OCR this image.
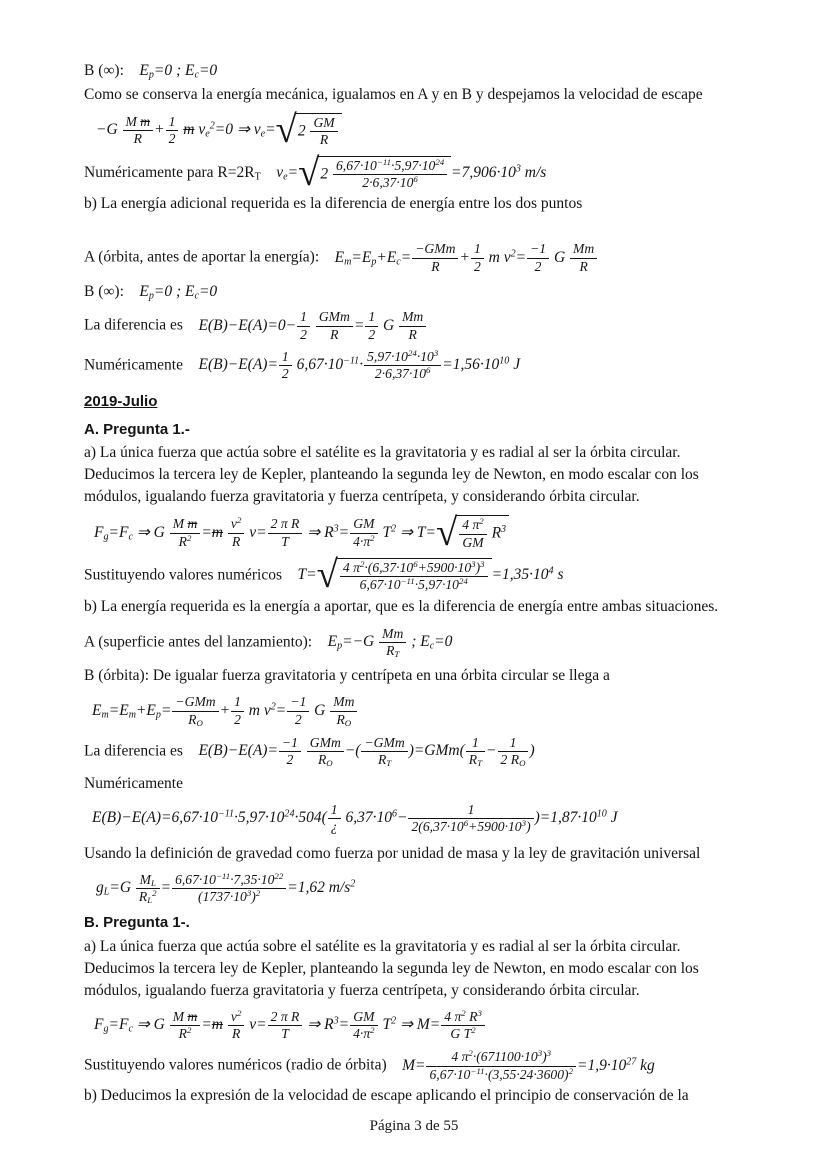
B (∞):    $E_p=0$ ; $E_c=0$
Como se conserva la energía mecánica, igualamos en A y en B y despejamos la velocidad de escape
$-G \frac{\text{M m}}{R} + \frac{1}{2}$ m $v_e^2=0$ ⇒ $v_e=$ √ $2 \frac{GM}{R}$
Numéricamente para $R=2R_T$ $v_e=$ √ $2 \frac{6,67\cdot 10^{-11}\cdot 5,97\cdot 10^{24}}{2\cdot 6,37\cdot 10^6} =7,906\cdot 10^3$ m/s
b) La energía adicional requerida es la diferencia de energía entre los dos puntos
A (órbita, antes de aportar la energía):    $E_m=E_p+E_c= -GMm$
R
+ $\frac{1}{2}$ m $v^2= \frac{-1}{2}$ G $\frac{Mm}{R}$
B (∞):    $E_p=0$ ; $E_c=0$
La diferencia es    $E(B)-E(A)=0- \frac{1}{2}$
GMm
R
= $\frac{1}{2}$ G $\frac{Mm}{R}$
Numéricamente    $E(B)-E(A)= \frac{1}{2} 6,67\cdot 10^{-11}\cdot \frac{5,97\cdot 10^{24}\cdot 10^3}{2\cdot 6,37\cdot 10^6} =1,56\cdot 10^{10}$ J
2019-Julio
A. Pregunta 1.-
a) La única fuerza que actúa sobre el satélite es la gravitatoria y es radial al ser la órbita circular. Deducimos la tercera ley de Kepler, planteando la segunda ley de Newton, en modo escalar con los módulos, igualando fuerza gravitatoria y fuerza centrípeta, y considerando órbita circular.
$F_g=F_c$ ⇒ G $\frac{\text{M m}}{R^2} =m \frac{v^2}{R} v= \frac{\text{2 π R}}{T}$ ⇒ $R^3= \frac{GM}{4\cdot\pi^2} T^2$ ⇒ T= √ $\frac{4 \pi^2}{GM} R^3$
Sustituyendo valores numéricos    T= √ $\frac{4 \pi^2\cdot(6,37\cdot 10^6+5900\cdot 10^3)^3}{6,67\cdot 10^{-11}\cdot 5,97\cdot 10^{24}} =1,35\cdot 10^4$ s
b) La energía requerida es la energía a aportar, que es la diferencia de energía entre ambas situaciones.
A (superficie antes del lanzamiento):    $E_p=-G \frac{Mm}{R_T}$ ; $E_c=0$
B (órbita): De igualar fuerza gravitatoria y centrípeta en una órbita circular se llega a
$E_m=E_m+E_p= -GMm$
$R_O$
+ $\frac{1}{2}$ m $v^2= \frac{-1}{2}$ G $\frac{Mm}{R_O}$
La diferencia es    $E(B)-E(A)= \frac{-1}{2}$
GMm
$R_O$
−( −GMm
$R_T$
)$=GMm( \frac{1}{R_T} - \frac{1}{2 R_O}$ )
Numéricamente
$E(B)-E(A)=6,67\cdot 10^{-11}\cdot 5,97\cdot 10^{24}\cdot 504$( 1
¿
$6,37\cdot 10^6- \frac{1}{2(6,37\cdot 10^6+5900\cdot 10^3)} )=1,87\cdot 10^{10}$ J
Usando la definición de gravedad como fuerza por unidad de masa y la ley de gravitación universal
$g_L=G \frac{M_L}{R_L^2} = \frac{6,67\cdot 10^{-11}\cdot 7,35\cdot 10^{22}}{(1737\cdot 10^3)^2} =1,62$ $m/s^2$
B. Pregunta 1-.
a) La única fuerza que actúa sobre el satélite es la gravitatoria y es radial al ser la órbita circular. Deducimos la tercera ley de Kepler, planteando la segunda ley de Newton, en modo escalar con los módulos, igualando fuerza gravitatoria y fuerza centrípeta, y considerando órbita circular.
$F_g=F_c$ ⇒ G $\frac{\text{M m}}{R^2} =m \frac{v^2}{R} v= \frac{\text{2 π R}}{T}$ ⇒ $R^3= \frac{GM}{4\cdot\pi^2} T^2$ ⇒ $M= \frac{4 \pi^2 R^3}{G T^2}$
Sustituyendo valores numéricos (radio de órbita)    $M= \frac{4 \pi^2\cdot(671100\cdot 10^3)^3}{6,67\cdot 10^{-11}\cdot(3,55\cdot 24\cdot 3600)^2} =1,9\cdot 10^{27}$ kg
b) Deducimos la expresión de la velocidad de escape aplicando el principio de conservación de la
Página 3 de 55
